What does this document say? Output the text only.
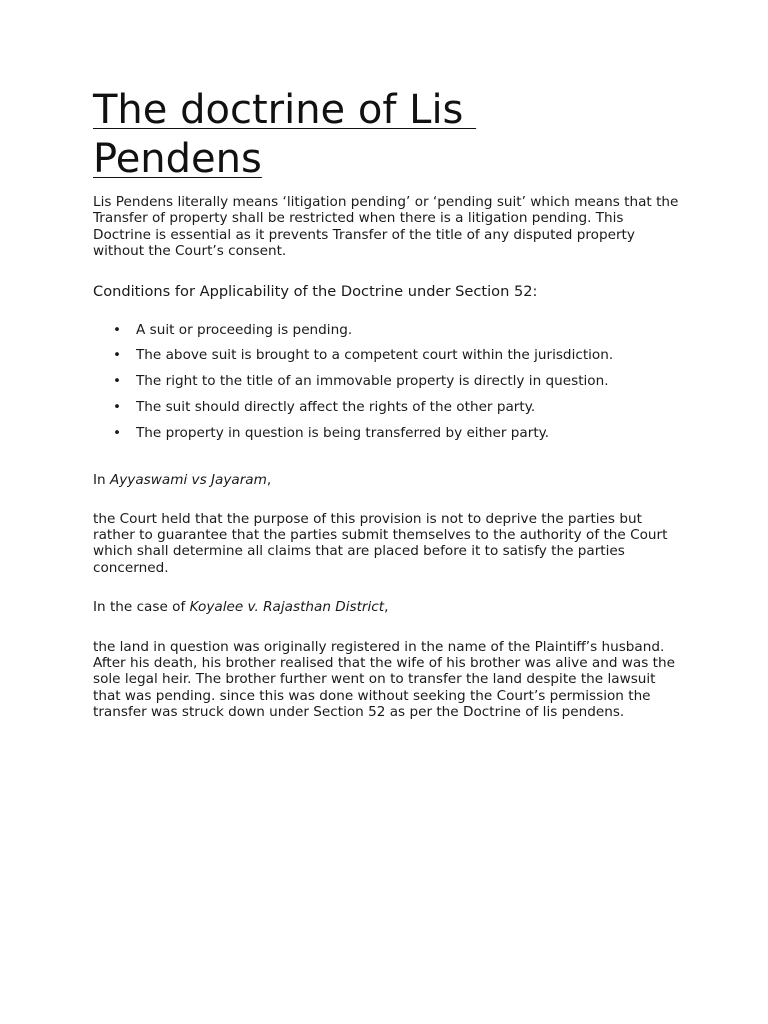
The doctrine of Lis
Pendens

Lis Pendens literally means ‘litigation pending’ or ‘pending suit’ which means that the Transfer of property shall be restricted when there is a litigation pending. This Doctrine is essential as it prevents Transfer of the title of any disputed property without the Court’s consent.

Conditions for Applicability of the Doctrine under Section 52:

• A suit or proceeding is pending.
• The above suit is brought to a competent court within the jurisdiction.
• The right to the title of an immovable property is directly in question.
• The suit should directly affect the rights of the other party.
• The property in question is being transferred by either party.

In Ayyaswami vs Jayaram,

the Court held that the purpose of this provision is not to deprive the parties but rather to guarantee that the parties submit themselves to the authority of the Court which shall determine all claims that are placed before it to satisfy the parties concerned.

In the case of Koyalee v. Rajasthan District,

the land in question was originally registered in the name of the Plaintiff’s husband. After his death, his brother realised that the wife of his brother was alive and was the sole legal heir. The brother further went on to transfer the land despite the lawsuit that was pending. since this was done without seeking the Court’s permission the transfer was struck down under Section 52 as per the Doctrine of lis pendens.
